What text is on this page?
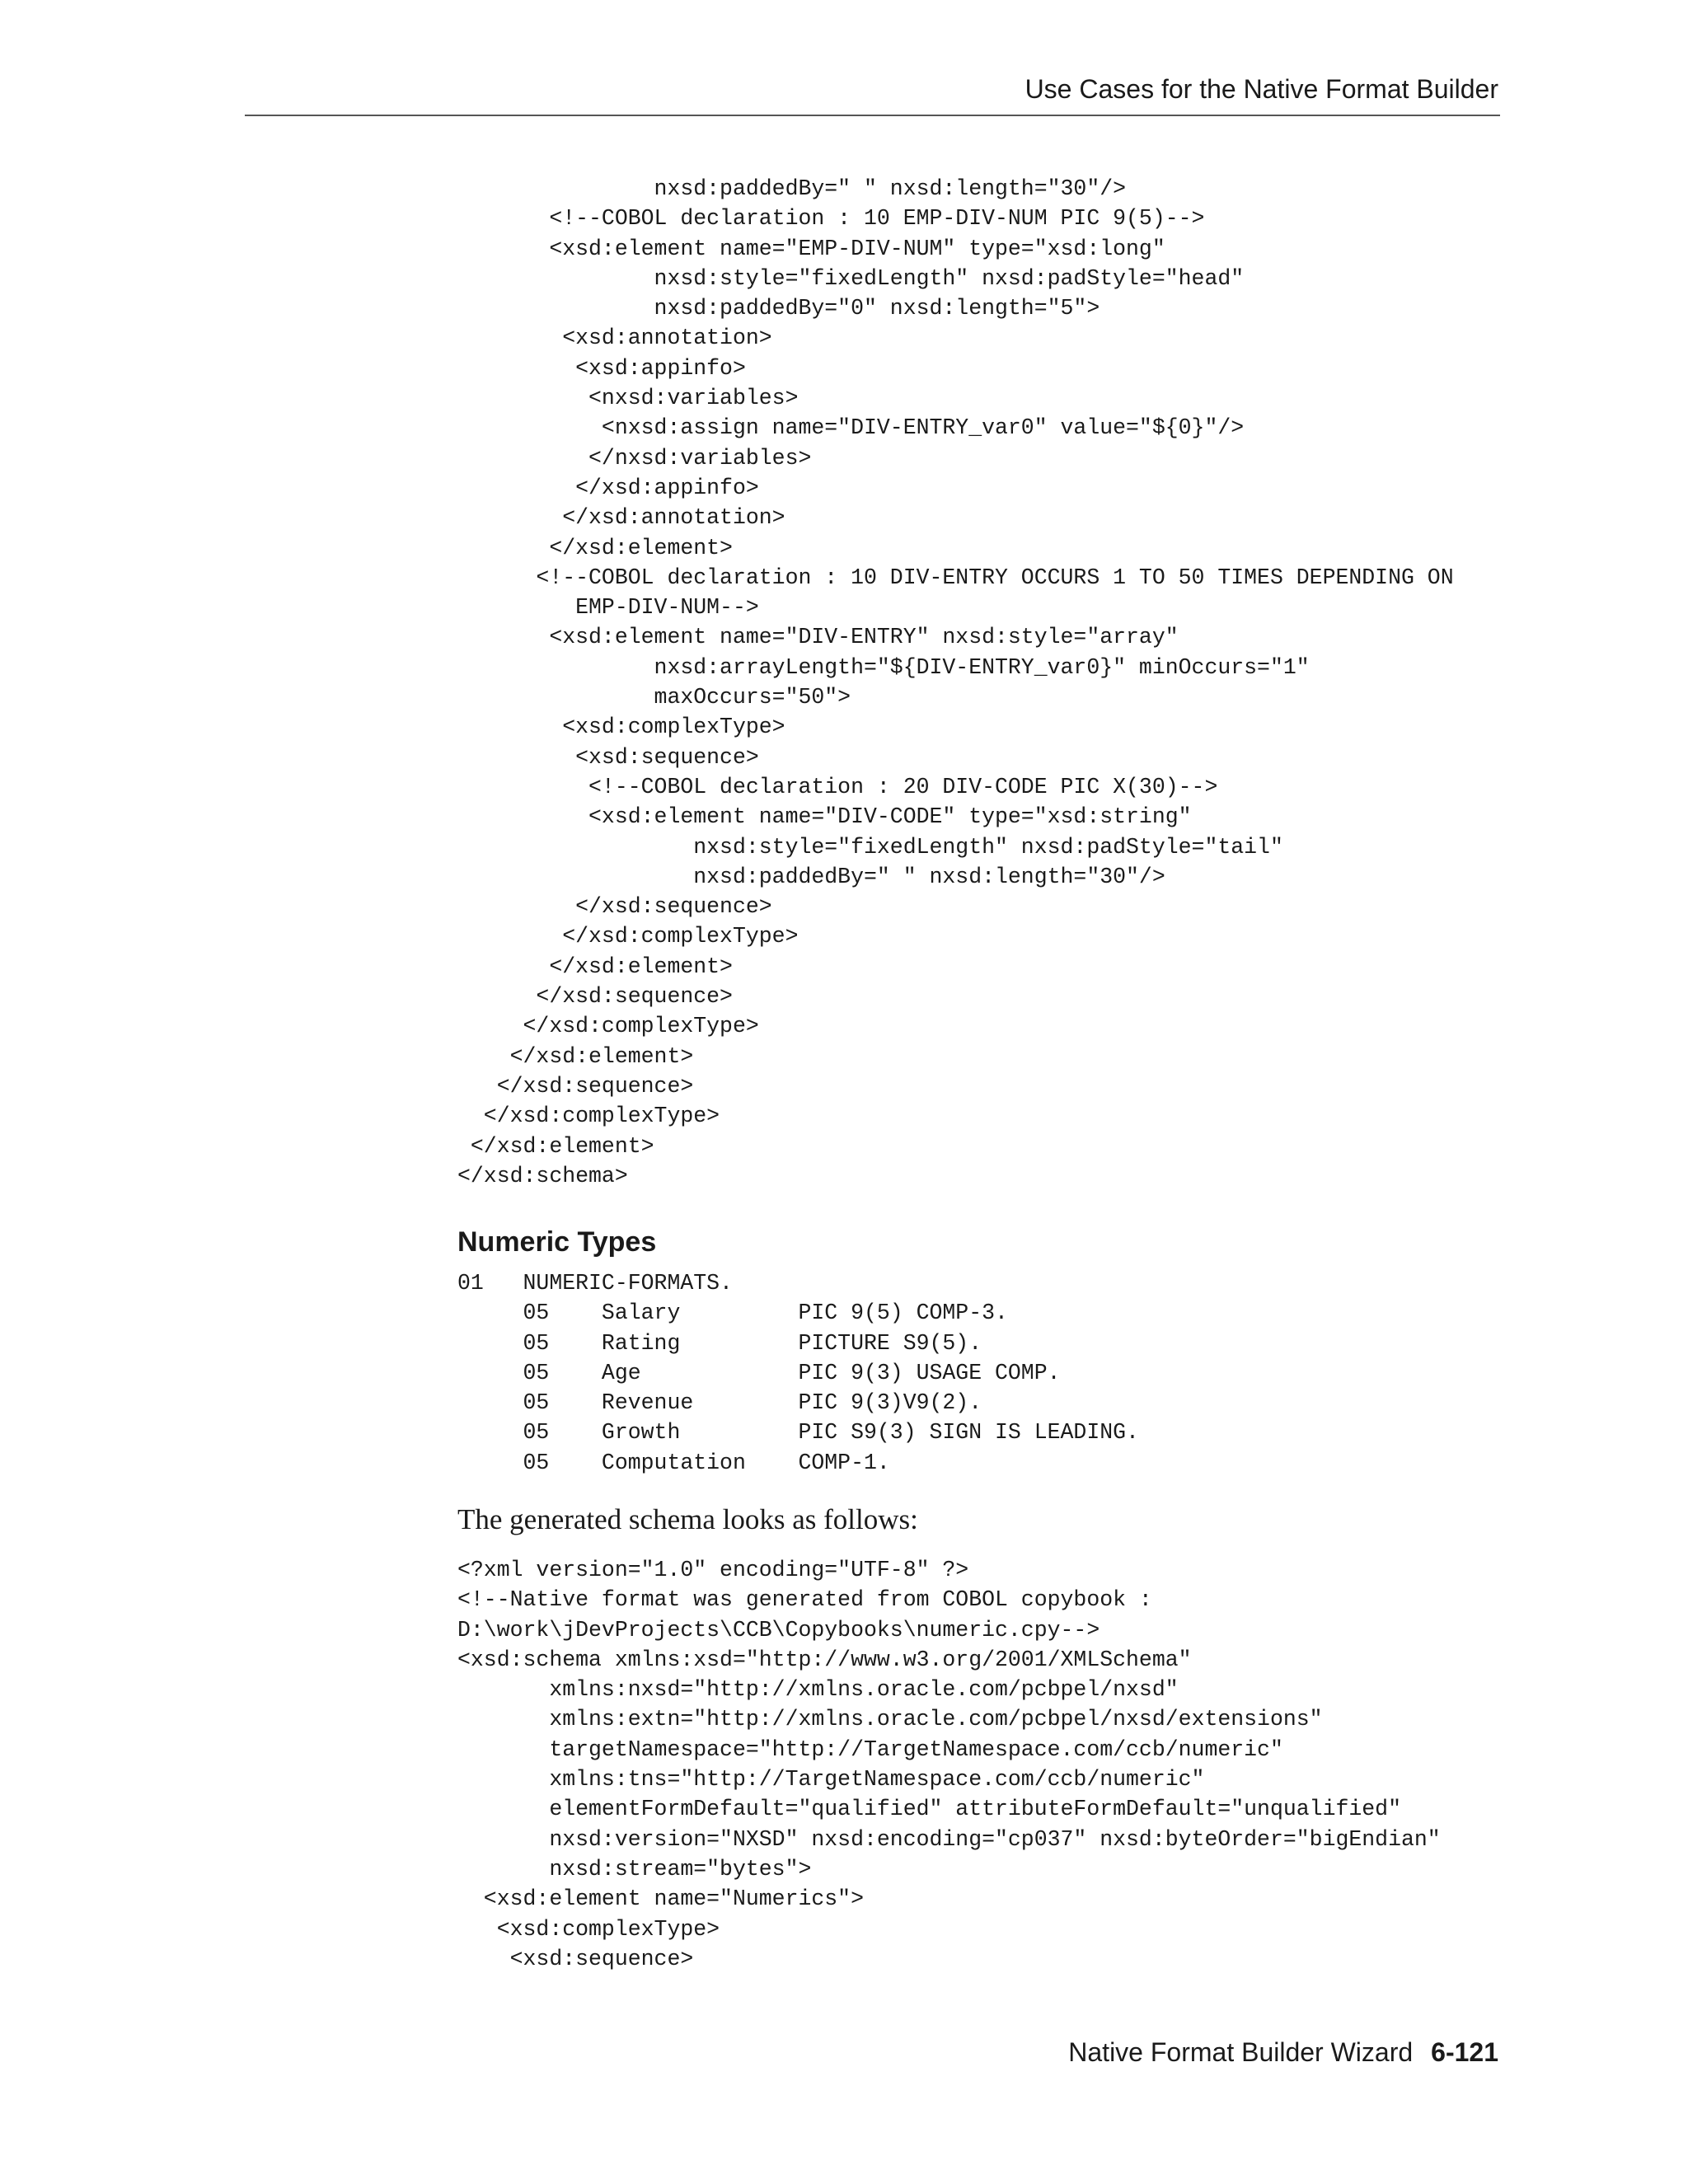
Use Cases for the Native Format Builder
nxsd:paddedBy=" " nxsd:length="30"/>
<!--COBOL declaration : 10 EMP-DIV-NUM PIC 9(5)-->
<xsd:element name="EMP-DIV-NUM" type="xsd:long"
nxsd:style="fixedLength" nxsd:padStyle="head"
nxsd:paddedBy="0" nxsd:length="5">
<xsd:annotation>
<xsd:appinfo>
<nxsd:variables>
<nxsd:assign name="DIV-ENTRY_var0" value="${0}"/>
</nxsd:variables>
</xsd:appinfo>
</xsd:annotation>
</xsd:element>
<!--COBOL declaration : 10 DIV-ENTRY OCCURS 1 TO 50 TIMES DEPENDING ON
EMP-DIV-NUM-->
<xsd:element name="DIV-ENTRY" nxsd:style="array"
nxsd:arrayLength="${DIV-ENTRY_var0}" minOccurs="1"
maxOccurs="50">
<xsd:complexType>
<xsd:sequence>
<!--COBOL declaration : 20 DIV-CODE PIC X(30)-->
<xsd:element name="DIV-CODE" type="xsd:string"
nxsd:style="fixedLength" nxsd:padStyle="tail"
nxsd:paddedBy=" " nxsd:length="30"/>
</xsd:sequence>
</xsd:complexType>
</xsd:element>
</xsd:sequence>
</xsd:complexType>
</xsd:element>
</xsd:sequence>
</xsd:complexType>
</xsd:element>
</xsd:schema>
Numeric Types
01   NUMERIC-FORMATS.
05    Salary         PIC 9(5) COMP-3.
05    Rating         PICTURE S9(5).
05    Age            PIC 9(3) USAGE COMP.
05    Revenue        PIC 9(3)V9(2).
05    Growth         PIC S9(3) SIGN IS LEADING.
05    Computation    COMP-1.

The generated schema looks as follows:

<?xml version="1.0" encoding="UTF-8" ?>
<!--Native format was generated from COBOL copybook :
D:\work\jDevProjects\CCB\Copybooks\numeric.cpy-->
<xsd:schema xmlns:xsd="http://www.w3.org/2001/XMLSchema"
xmlns:nxsd="http://xmlns.oracle.com/pcbpel/nxsd"
xmlns:extn="http://xmlns.oracle.com/pcbpel/nxsd/extensions"
targetNamespace="http://TargetNamespace.com/ccb/numeric"
xmlns:tns="http://TargetNamespace.com/ccb/numeric"
elementFormDefault="qualified" attributeFormDefault="unqualified"
nxsd:version="NXSD" nxsd:encoding="cp037" nxsd:byteOrder="bigEndian"
nxsd:stream="bytes">
<xsd:element name="Numerics">
<xsd:complexType>
<xsd:sequence>
Native Format Builder Wizard 6-121
